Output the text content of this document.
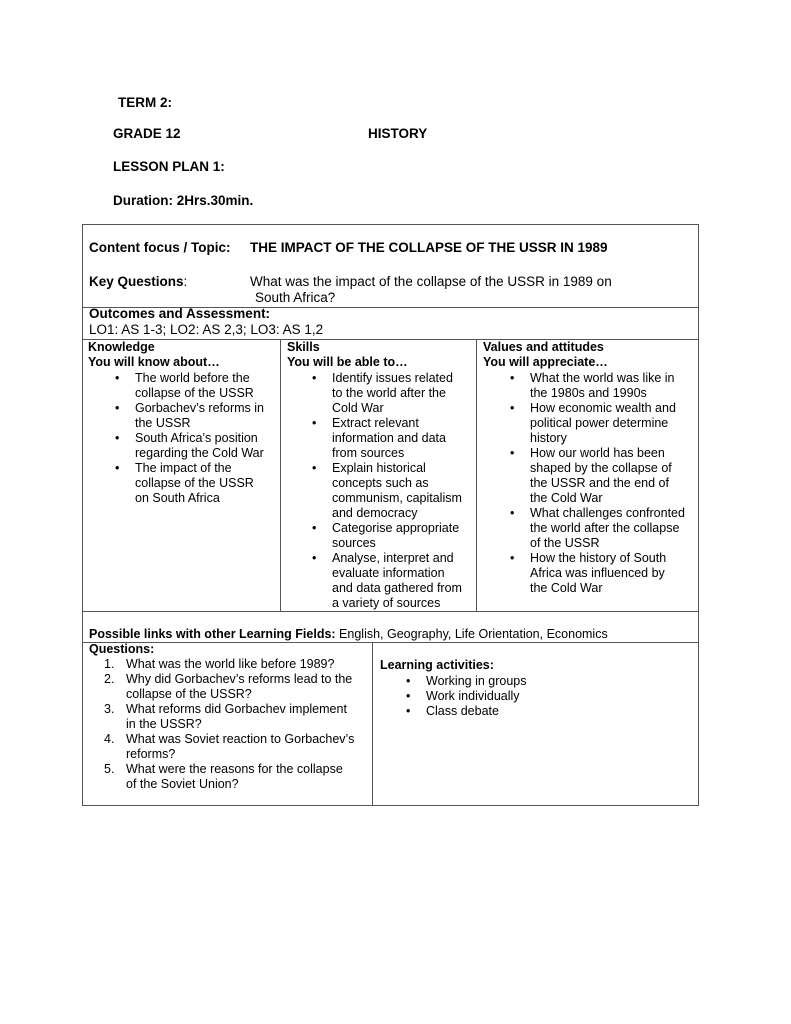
TERM 2:
GRADE 12	HISTORY
LESSON PLAN 1:
Duration: 2Hrs.30min.
Content focus / Topic: THE IMPACT OF THE COLLAPSE OF THE USSR IN 1989
Key Questions:	What was the impact of the collapse of the USSR in 1989 on
South Africa?
Outcomes and Assessment:
LO1: AS 1-3; LO2: AS 2,3; LO3: AS 1,2
Knowledge
You will know about…
• The world before the
collapse of the USSR
• Gorbachev’s reforms in
the USSR
• South Africa’s position
regarding the Cold War
• The impact of the
collapse of the USSR
on South Africa
Skills
You will be able to…
• Identify issues related
to the world after the
Cold War
• Extract relevant
information and data
from sources
• Explain historical
concepts such as
communism, capitalism
and democracy
• Categorise appropriate
sources
• Analyse, interpret and
evaluate information
and data gathered from
a variety of sources
Values and attitudes
You will appreciate…
• What the world was like in
the 1980s and 1990s
• How economic wealth and
political power determine
history
• How our world has been
shaped by the collapse of
the USSR and the end of
the Cold War
• What challenges confronted
the world after the collapse
of the USSR
• How the history of South
Africa was influenced by
the Cold War
Possible links with other Learning Fields: English, Geography, Life Orientation, Economics
Questions:
1. What was the world like before 1989?
2. Why did Gorbachev’s reforms lead to the
collapse of the USSR?
3. What reforms did Gorbachev implement
in the USSR?
4. What was Soviet reaction to Gorbachev’s
reforms?
5. What were the reasons for the collapse
of the Soviet Union?
Learning activities:
• Working in groups
• Work individually
• Class debate
